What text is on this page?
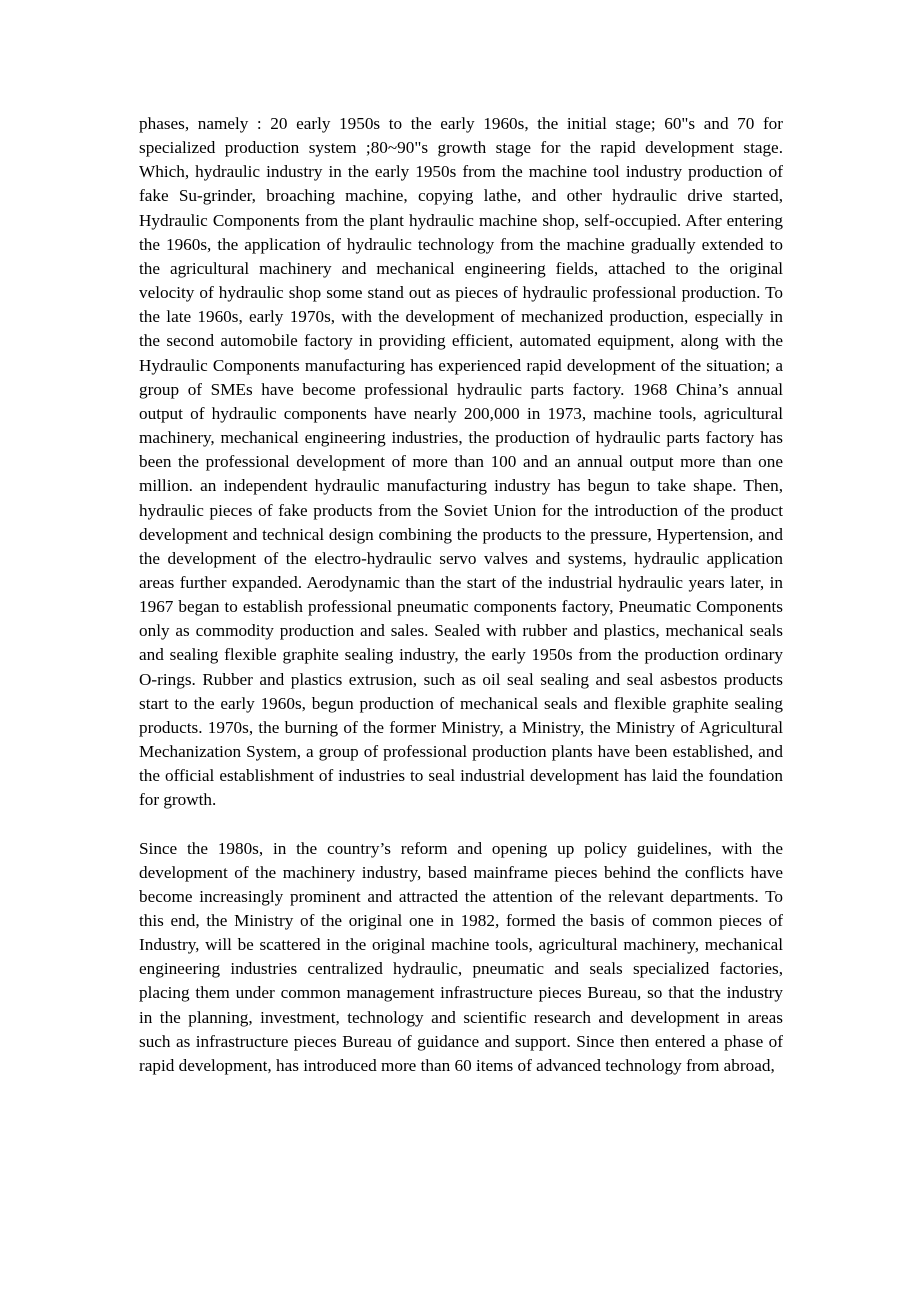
phases, namely : 20 early 1950s to the early 1960s, the initial stage; 60"s and 70 for specialized production system ;80~90"s growth stage for the rapid development stage. Which, hydraulic industry in the early 1950s from the machine tool industry production of fake Su-grinder, broaching machine, copying lathe, and other hydraulic drive started, Hydraulic Components from the plant hydraulic machine shop, self-occupied. After entering the 1960s, the application of hydraulic technology from the machine gradually extended to the agricultural machinery and mechanical engineering fields, attached to the original velocity of hydraulic shop some stand out as pieces of hydraulic professional production. To the late 1960s, early 1970s, with the development of mechanized production, especially in the second automobile factory in providing efficient, automated equipment, along with the Hydraulic Components manufacturing has experienced rapid development of the situation; a group of SMEs have become professional hydraulic parts factory. 1968 China’s annual output of hydraulic components have nearly 200,000 in 1973, machine tools, agricultural machinery, mechanical engineering industries, the production of hydraulic parts factory has been the professional development of more than 100 and an annual output more than one million. an independent hydraulic manufacturing industry has begun to take shape. Then, hydraulic pieces of fake products from the Soviet Union for the introduction of the product development and technical design combining the products to the pressure, Hypertension, and the development of the electro-hydraulic servo valves and systems, hydraulic application areas further expanded. Aerodynamic than the start of the industrial hydraulic years later, in 1967 began to establish professional pneumatic components factory, Pneumatic Components only as commodity production and sales. Sealed with rubber and plastics, mechanical seals and sealing flexible graphite sealing industry, the early 1950s from the production ordinary O-rings. Rubber and plastics extrusion, such as oil seal sealing and seal asbestos products start to the early 1960s, begun production of mechanical seals and flexible graphite sealing products. 1970s, the burning of the former Ministry, a Ministry, the Ministry of Agricultural Mechanization System, a group of professional production plants have been established, and the official establishment of industries to seal industrial development has laid the foundation for growth.

Since the 1980s, in the country’s reform and opening up policy guidelines, with the development of the machinery industry, based mainframe pieces behind the conflicts have become increasingly prominent and attracted the attention of the relevant departments. To this end, the Ministry of the original one in 1982, formed the basis of common pieces of Industry, will be scattered in the original machine tools, agricultural machinery, mechanical engineering industries centralized hydraulic, pneumatic and seals specialized factories, placing them under common management infrastructure pieces Bureau, so that the industry in the planning, investment, technology and scientific research and development in areas such as infrastructure pieces Bureau of guidance and support. Since then entered a phase of rapid development, has introduced more than 60 items of advanced technology from abroad,
